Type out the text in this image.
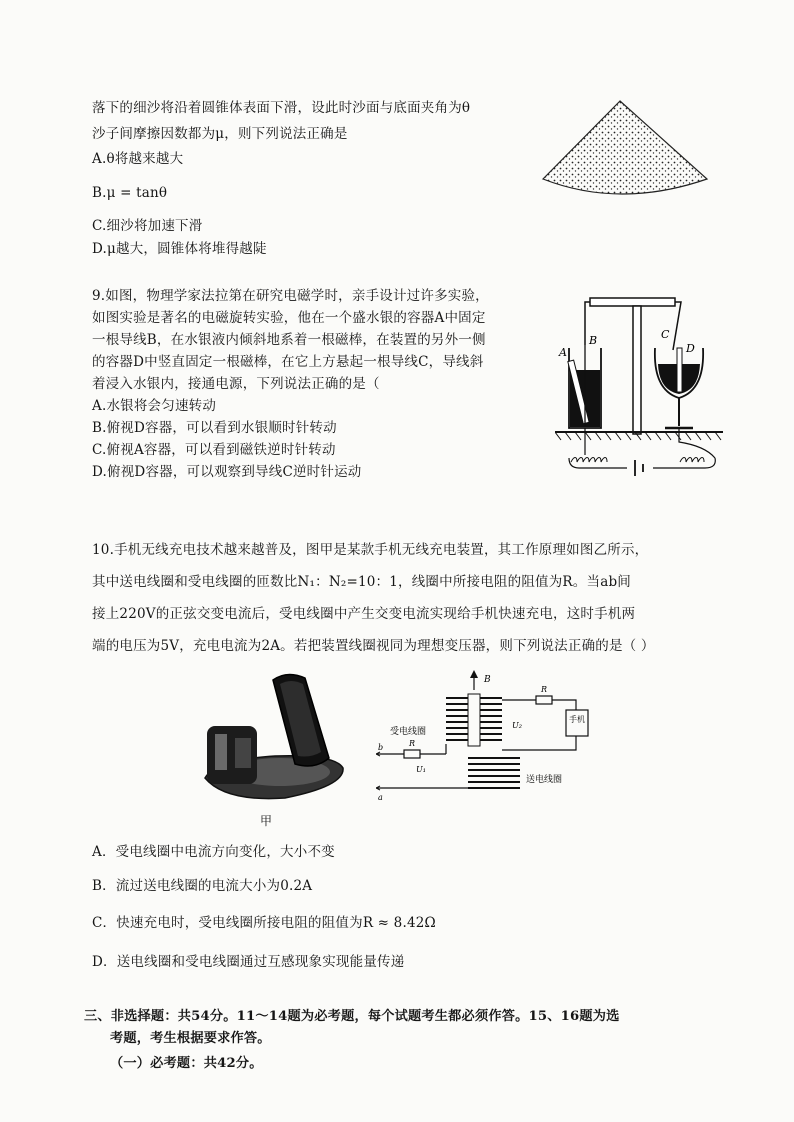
落下的细沙将沿着圆锥体表面下滑，设此时沙面与底面夹角为θ
沙子间摩擦因数都为μ，则下列说法正确是
A.θ将越来越大
B.μ = tanθ
C.细沙将加速下滑
D.μ越大，圆锥体将堆得越陡
9.如图，物理学家法拉第在研究电磁学时，亲手设计过许多实验，
如图实验是著名的电磁旋转实验，他在一个盛水银的容器A中固定
一根导线B，在水银液内倾斜地系着一根磁棒，在装置的另外一侧
的容器D中竖直固定一根磁棒，在它上方悬起一根导线C，导线斜
着浸入水银内，接通电源，下列说法正确的是（
A.水银将会匀速转动
B.俯视D容器，可以看到水银顺时针转动
C.俯视A容器，可以看到磁铁逆时针转动
D.俯视D容器，可以观察到导线C逆时针运动
A
B	C
D
10.手机无线充电技术越来越普及，图甲是某款手机无线充电装置，其工作原理如图乙所示，
其中送电线圈和受电线圈的匝数比N₁：N₂=10：1，线圈中所接电阻的阻值为R。当ab间
接上220V的正弦交变电流后，受电线圈中产生交变电流实现给手机快速充电，这时手机两
端的电压为5V，充电电流为2A。若把装置线圈视同为理想变压器，则下列说法正确的是（ ）
甲
B
受电线圈
送电线圈
手机
R
R
U₁
U₂
b
a
A．受电线圈中电流方向变化，大小不变
B．流过送电线圈的电流大小为0.2A
C．快速充电时，受电线圈所接电阻的阻值为R ≈ 8.42Ω
D．送电线圈和受电线圈通过互感现象实现能量传递
三、非选择题：共54分。11～14题为必考题，每个试题考生都必须作答。15、16题为选
考题，考生根据要求作答。
（一）必考题：共42分。
